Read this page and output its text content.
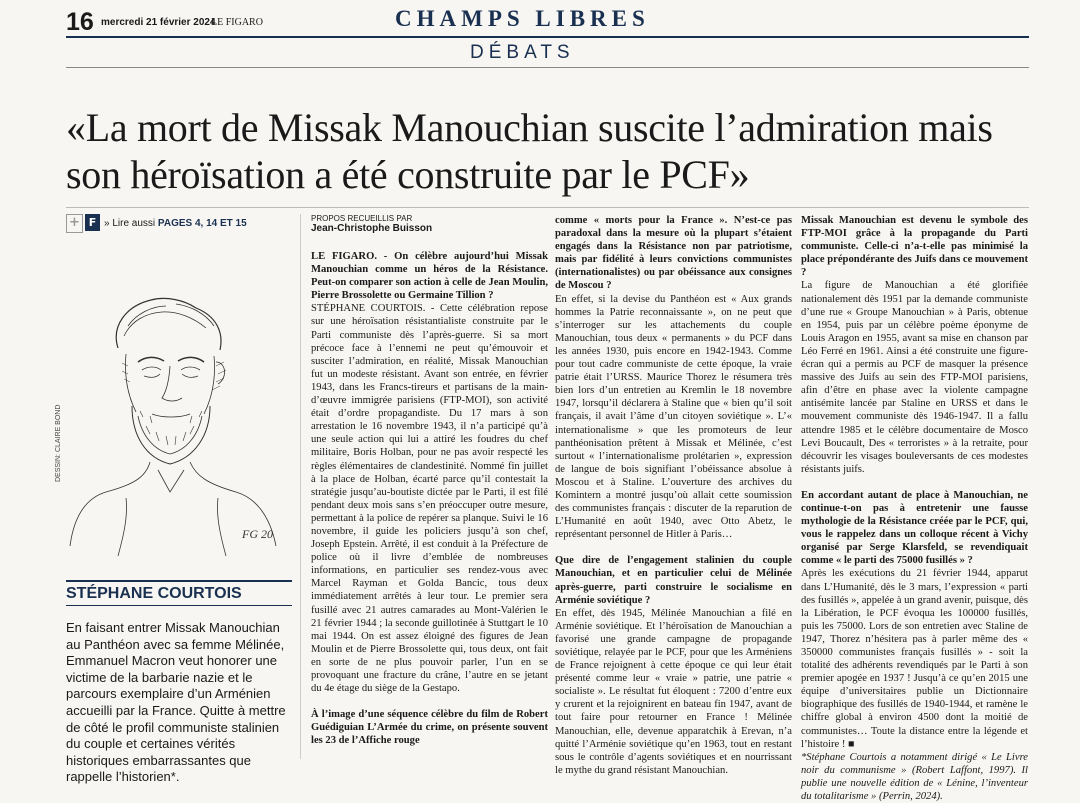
16 mercredi 21 février 2024
LE FIGARO	CHAMPS LIBRES
DÉBATS
«La mort de Missak Manouchian suscite l’admiration mais son héroïsation a été construite par le PCF»
+ F » Lire aussi PAGES 4, 14 ET 15
FG 20
DESSIN: CLAIRE BOND
STÉPHANE COURTOIS
En faisant entrer Missak Manouchian au Panthéon avec sa femme Mélinée, Emmanuel Macron veut honorer une victime de la barbarie nazie et le parcours exemplaire d’un Arménien accueilli par la France. Quitte à mettre de côté le profil communiste stalinien du couple et certaines vérités historiques embarrassantes que rappelle l’historien*.
PROPOS RECUEILLIS PAR
Jean-Christophe Buisson

LE FIGARO. - On célèbre aujourd’hui Missak Manouchian comme un héros de la Résistance. Peut-on comparer son action à celle de Jean Moulin, Pierre Brossolette ou Germaine Tillion ?

STÉPHANE COURTOIS. - Cette célébration repose sur une héroïsation résistantialiste construite par le Parti communiste dès l’après-guerre. Si sa mort précoce face à l’ennemi ne peut qu’émouvoir et susciter l’admiration, en réalité, Missak Manouchian fut un modeste résistant. Avant son entrée, en février 1943, dans les Francs-tireurs et partisans de la main-d’œuvre immigrée parisiens (FTP-MOI), son activité était d’ordre propagandiste. Du 17 mars à son arrestation le 16 novembre 1943, il n’a participé qu’à une seule action qui lui a attiré les foudres du chef militaire, Boris Holban, pour ne pas avoir respecté les règles élémentaires de clandestinité. Nommé fin juillet à la place de Holban, écarté parce qu’il contestait la stratégie jusqu’au-boutiste dictée par le Parti, il est filé pendant deux mois sans s’en préoccuper outre mesure, permettant à la police de repérer sa planque. Suivi le 16 novembre, il guide les policiers jusqu’à son chef, Joseph Epstein. Arrêté, il est conduit à la Préfecture de police où il livre d’emblée de nombreuses informations, en particulier ses rendez-vous avec Marcel Rayman et Golda Bancic, tous deux immédiatement arrêtés à leur tour. Le premier sera fusillé avec 21 autres camarades au Mont-Valérien le 21 février 1944 ; la seconde guillotinée à Stuttgart le 10 mai 1944. On est assez éloigné des figures de Jean Moulin et de Pierre Brossolette qui, tous deux, ont fait en sorte de ne plus pouvoir parler, l’un en se provoquant une fracture du crâne, l’autre en se jetant du 4e étage du siège de la Gestapo.

À l’image d’une séquence célèbre du film de Robert Guédiguian L’Armée du crime, on présente souvent les 23 de l’Affiche rouge

comme « morts pour la France ». N’est-ce pas paradoxal dans la mesure où la plupart s’étaient engagés dans la Résistance non par patriotisme, mais par fidélité à leurs convictions communistes (internationalistes) ou par obéissance aux consignes de Moscou ?

En effet, si la devise du Panthéon est « Aux grands hommes la Patrie reconnaissante », on ne peut que s’interroger sur les attachements du couple Manouchian, tous deux « permanents » du PCF dans les années 1930, puis encore en 1942-1943. Comme pour tout cadre communiste de cette époque, la vraie patrie était l’URSS. Maurice Thorez le résumera très bien lors d’un entretien au Kremlin le 18 novembre 1947, lorsqu’il déclarera à Staline que « bien qu’il soit français, il avait l’âme d’un citoyen soviétique ». L’« internationalisme » que les promoteurs de leur panthéonisation prêtent à Missak et Mélinée, c’est surtout « l’internationalisme prolétarien », expression de langue de bois signifiant l’obéissance absolue à Moscou et à Staline. L’ouverture des archives du Komintern a montré jusqu’où allait cette soumission des communistes français : discuter de la reparution de L’Humanité en août 1940, avec Otto Abetz, le représentant personnel de Hitler à Paris…

Que dire de l’engagement stalinien du couple Manouchian, et en particulier celui de Mélinée après-guerre, parti construire le socialisme en Arménie soviétique ?

En effet, dès 1945, Mélinée Manouchian a filé en Arménie soviétique. Et l’héroïsation de Manouchian a favorisé une grande campagne de propagande soviétique, relayée par le PCF, pour que les Arméniens de France rejoignent à cette époque ce qui leur était présenté comme leur « vraie » patrie, une patrie « socialiste ». Le résultat fut éloquent : 7200 d’entre eux y crurent et la rejoignirent en bateau fin 1947, avant de tout faire pour retourner en France ! Mélinée Manouchian, elle, devenue apparatchik à Erevan, n’a quitté l’Arménie soviétique qu’en 1963, tout en restant sous le contrôle d’agents soviétiques et en nourrissant le mythe du grand résistant Manouchian.

Missak Manouchian est devenu le symbole des FTP-MOI grâce à la propagande du Parti communiste. Celle-ci n’a-t-elle pas minimisé la place prépondérante des Juifs dans ce mouvement ?

La figure de Manouchian a été glorifiée nationalement dès 1951 par la demande communiste d’une rue « Groupe Manouchian » à Paris, obtenue en 1954, puis par un célèbre poème éponyme de Louis Aragon en 1955, avant sa mise en chanson par Léo Ferré en 1961. Ainsi a été construite une figure-écran qui a permis au PCF de masquer la présence massive des Juifs au sein des FTP-MOI parisiens, afin d’être en phase avec la violente campagne antisémite lancée par Staline en URSS et dans le mouvement communiste dès 1946-1947. Il a fallu attendre 1985 et le célèbre documentaire de Mosco Levi Boucault, Des « terroristes » à la retraite, pour découvrir les visages bouleversants de ces modestes résistants juifs.

En accordant autant de place à Manouchian, ne continue-t-on pas à entretenir une fausse mythologie de la Résistance créée par le PCF, qui, vous le rappelez dans un colloque récent à Vichy organisé par Serge Klarsfeld, se revendiquait comme « le parti des 75000 fusillés » ?

Après les exécutions du 21 février 1944, apparut dans L’Humanité, dès le 3 mars, l’expression « parti des fusillés », appelée à un grand avenir, puisque, dès la Libération, le PCF évoqua les 100000 fusillés, puis les 75000. Lors de son entretien avec Staline de 1947, Thorez n’hésitera pas à parler même des « 350000 communistes français fusillés » - soit la totalité des adhérents revendiqués par le Parti à son premier apogée en 1937 ! Jusqu’à ce qu’en 2015 une équipe d’universitaires publie un Dictionnaire biographique des fusillés de 1940-1944, et ramène le chiffre global à environ 4500 dont la moitié de communistes… Toute la distance entre la légende et l’histoire ! ■

*Stéphane Courtois a notamment dirigé « Le Livre noir du communisme » (Robert Laffont, 1997). Il publie une nouvelle édition de « Lénine, l’inventeur du totalitarisme » (Perrin, 2024).
